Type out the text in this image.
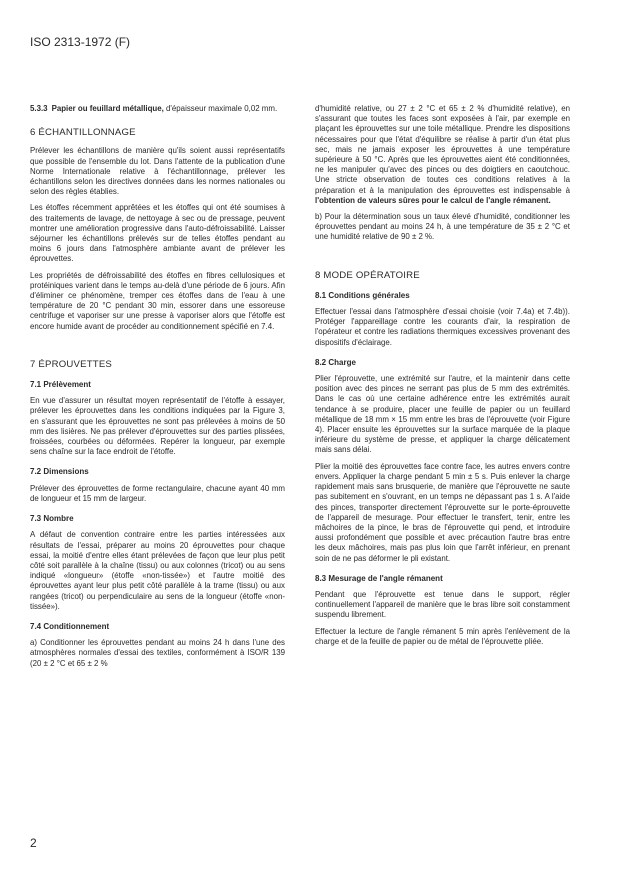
ISO 2313-1972 (F)

5.3.3 Papier ou feuillard métallique, d'épaisseur maximale 0,02 mm.

6 ÉCHANTILLONNAGE

Prélever les échantillons de manière qu'ils soient aussi représentatifs que possible de l'ensemble du lot. Dans l'attente de la publication d'une Norme Internationale relative à l'échantillonnage, prélever les échantillons selon les directives données dans les normes nationales ou selon des règles établies.

Les étoffes récemment apprêtées et les étoffes qui ont été soumises à des traitements de lavage, de nettoyage à sec ou de pressage, peuvent montrer une amélioration progressive dans l'auto-défroissabilité. Laisser séjourner les échantillons prélevés sur de telles étoffes pendant au moins 6 jours dans l'atmosphère ambiante avant de prélever les éprouvettes.

Les propriétés de défroissabilité des étoffes en fibres cellulosiques et protéiniques varient dans le temps au-delà d'une période de 6 jours. Afin d'éliminer ce phénomène, tremper ces étoffes dans de l'eau à une température de 20 °C pendant 30 min, essorer dans une essoreuse centrifuge et vaporiser sur une presse à vaporiser alors que l'étoffe est encore humide avant de procéder au conditionnement spécifié en 7.4.

7 ÉPROUVETTES
7.1 Prélèvement

En vue d'assurer un résultat moyen représentatif de l'étoffe à essayer, prélever les éprouvettes dans les conditions indiquées par la Figure 3, en s'assurant que les éprouvettes ne sont pas prélevées à moins de 50 mm des lisières. Ne pas prélever d'éprouvettes sur des parties plissées, froissées, courbées ou déformées. Repérer la longueur, par exemple sens chaîne sur la face endroit de l'étoffe.

7.2 Dimensions

Prélever des éprouvettes de forme rectangulaire, chacune ayant 40 mm de longueur et 15 mm de largeur.

7.3 Nombre

A défaut de convention contraire entre les parties intéressées aux résultats de l'essai, préparer au moins 20 éprouvettes pour chaque essai, la moitié d'entre elles étant prélevées de façon que leur plus petit côté soit parallèle à la chaîne (tissu) ou aux colonnes (tricot) ou au sens indiqué «longueur» (étoffe «non-tissée») et l'autre moitié des éprouvettes ayant leur plus petit côté parallèle à la trame (tissu) ou aux rangées (tricot) ou perpendiculaire au sens de la longueur (étoffe «non-tissée»).

7.4 Conditionnement

a) Conditionner les éprouvettes pendant au moins 24 h dans l'une des atmosphères normales d'essai des textiles, conformément à ISO/R 139 (20 ± 2 °C et 65 ± 2 %

d'humidité relative, ou 27 ± 2 °C et 65 ± 2 % d'humidité relative), en s'assurant que toutes les faces sont exposées à l'air, par exemple en plaçant les éprouvettes sur une toile métallique. Prendre les dispositions nécessaires pour que l'état d'équilibre se réalise à partir d'un état plus sec, mais ne jamais exposer les éprouvettes à une température supérieure à 50 °C. Après que les éprouvettes aient été conditionnées, ne les manipuler qu'avec des pinces ou des doigtiers en caoutchouc. Une stricte observation de toutes ces conditions relatives à la préparation et à la manipulation des éprouvettes est indispensable à l'obtention de valeurs sûres pour le calcul de l'angle rémanent.

b) Pour la détermination sous un taux élevé d'humidité, conditionner les éprouvettes pendant au moins 24 h, à une température de 35 ± 2 °C et une humidité relative de 90 ± 2 %.

8 MODE OPÉRATOIRE
8.1 Conditions générales

Effectuer l'essai dans l'atmosphère d'essai choisie (voir 7.4a) et 7.4b)). Protéger l'appareillage contre les courants d'air, la respiration de l'opérateur et contre les radiations thermiques excessives provenant des dispositifs d'éclairage.

8.2 Charge

Plier l'éprouvette, une extrémité sur l'autre, et la maintenir dans cette position avec des pinces ne serrant pas plus de 5 mm des extrémités. Dans le cas où une certaine adhérence entre les extrémités aurait tendance à se produire, placer une feuille de papier ou un feuillard métallique de 18 mm × 15 mm entre les bras de l'éprouvette (voir Figure 4). Placer ensuite les éprouvettes sur la surface marquée de la plaque inférieure du système de presse, et appliquer la charge délicatement mais sans délai.

Plier la moitié des éprouvettes face contre face, les autres envers contre envers. Appliquer la charge pendant 5 min ± 5 s. Puis enlever la charge rapidement mais sans brusquerie, de manière que l'éprouvette ne saute pas subitement en s'ouvrant, en un temps ne dépassant pas 1 s. A l'aide des pinces, transporter directement l'éprouvette sur le porte-éprouvette de l'appareil de mesurage. Pour effectuer le transfert, tenir, entre les mâchoires de la pince, le bras de l'éprouvette qui pend, et introduire aussi profondément que possible et avec précaution l'autre bras entre les deux mâchoires, mais pas plus loin que l'arrêt inférieur, en prenant soin de ne pas déformer le pli existant.

8.3 Mesurage de l'angle rémanent

Pendant que l'éprouvette est tenue dans le support, régler continuellement l'appareil de manière que le bras libre soit constamment suspendu librement.

Effectuer la lecture de l'angle rémanent 5 min après l'enlèvement de la charge et de la feuille de papier ou de métal de l'éprouvette pliée.

2
